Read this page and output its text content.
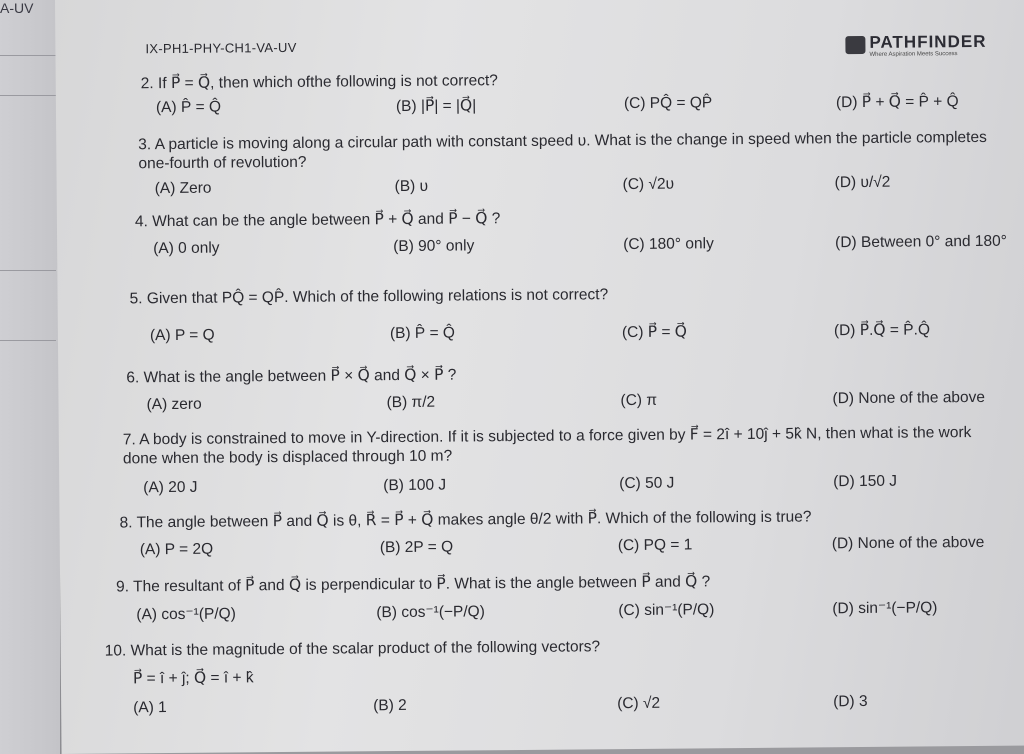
A-UV
IX-PH1-PHY-CH1-VA-UV	PATHFINDER
Where Aspiration Meets Success
2. If P⃗ = Q⃗, then which ofthe following is not correct?
(A) P̂ = Q̂	(B) |P⃗| = |Q⃗|	(C) PQ̂ = QP̂	(D) P⃗ + Q⃗ = P̂ + Q̂
3. A particle is moving along a circular path with constant speed υ. What is the change in speed when the particle completes one-fourth of revolution?
(A) Zero	(B) υ	(C) √2υ	(D) υ/√2
4. What can be the angle between P⃗ + Q⃗ and P⃗ − Q⃗ ?
(A) 0 only	(B) 90° only	(C) 180° only	(D) Between 0° and 180°
5. Given that PQ̂ = QP̂. Which of the following relations is not correct?
(A) P = Q	(B) P̂ = Q̂	(C) P⃗ = Q⃗	(D) P⃗.Q⃗ = P̂.Q̂
6. What is the angle between P⃗ × Q⃗ and Q⃗ × P⃗ ?
(A) zero	(B) π/2	(C) π	(D) None of the above
7. A body is constrained to move in Y-direction. If it is subjected to a force given by F⃗ = 2î + 10ĵ + 5k̂ N, then what is the work done when the body is displaced through 10 m?
(A) 20 J	(B) 100 J	(C) 50 J	(D) 150 J
8. The angle between P⃗ and Q⃗ is θ, R⃗ = P⃗ + Q⃗ makes angle θ/2 with P⃗. Which of the following is true?
(A) P = 2Q	(B) 2P = Q	(C) PQ = 1	(D) None of the above
9. The resultant of P⃗ and Q⃗ is perpendicular to P⃗. What is the angle between P⃗ and Q⃗ ?
(A) cos⁻¹(P/Q)	(B) cos⁻¹(−P/Q)	(C) sin⁻¹(P/Q)	(D) sin⁻¹(−P/Q)
10. What is the magnitude of the scalar product of the following vectors?
P⃗ = î + ĵ; Q⃗ = î + k̂
(A) 1	(B) 2	(C) √2	(D) 3
